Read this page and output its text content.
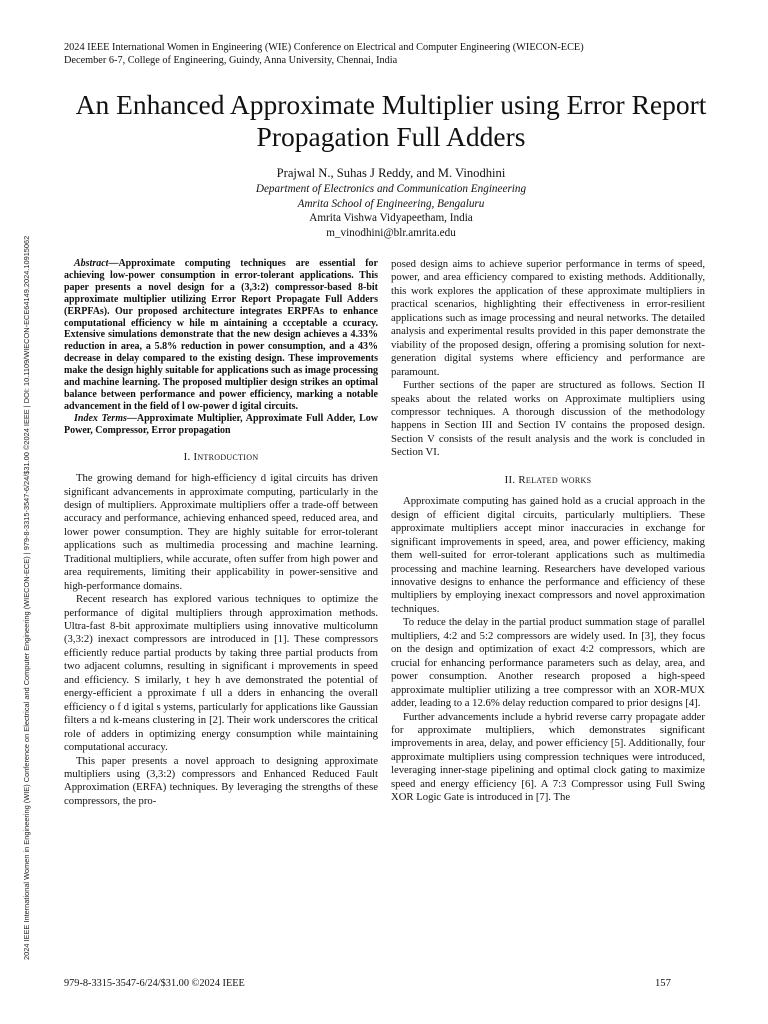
2024 IEEE International Women in Engineering (WIE) Conference on Electrical and Computer Engineering (WIECON-ECE)
December 6-7, College of Engineering, Guindy, Anna University, Chennai, India
2024 IEEE International Women in Engineering (WIE) Conference on Electrical and Computer Engineering (WIECON-ECE) | 979-8-3315-3547-6/24/$31.00 ©2024 IEEE | DOI: 10.1109/WIECON-ECE64149.2024.10915062
An Enhanced Approximate Multiplier using Error Report Propagation Full Adders
Prajwal N., Suhas J Reddy, and M. Vinodhini
Department of Electronics and Communication Engineering
Amrita School of Engineering, Bengaluru
Amrita Vishwa Vidyapeetham, India
m_vinodhini@blr.amrita.edu

Abstract—Approximate computing techniques are essential for achieving low-power consumption in error-tolerant applications. This paper presents a novel design for a (3,3:2) compressor-based 8-bit approximate multiplier utilizing Error Report Propagate Full Adders (ERPFAs). Our proposed architecture integrates ERPFAs to enhance computational efficiency w hile m aintaining a ccceptable a ccuracy. Extensive simulations demonstrate that the new design achieves a 4.33% reduction in area, a 5.8% reduction in power consumption, and a 43% decrease in delay compared to the existing design. These improvements make the design highly suitable for applications such as image processing and machine learning. The proposed multiplier design strikes an optimal balance between performance and power efficiency, marking a notable advancement in the field of l ow-power d igital circuits.

Index Terms—Approximate Multiplier, Approximate Full Adder, Low Power, Compressor, Error propagation

I. Introduction

The growing demand for high-efficiency d igital circuits has driven significant advancements in approximate computing, particularly in the design of multipliers. Approximate multipliers offer a trade-off between accuracy and performance, achieving enhanced speed, reduced area, and lower power consumption. They are highly suitable for error-tolerant applications such as multimedia processing and machine learning. Traditional multipliers, while accurate, often suffer from high power and area requirements, limiting their applicability in power-sensitive and high-performance domains.

Recent research has explored various techniques to optimize the performance of digital multipliers through approximation methods. Ultra-fast 8-bit approximate multipliers using innovative multicolumn (3,3:2) inexact compressors are introduced in [1]. These compressors efficiently reduce partial products by taking three partial products from two adjacent columns, resulting in significant i mprovements in speed and efficiency. S imilarly, t hey h ave demonstrated the potential of energy-efficient a pproximate f ull a dders in enhancing the overall efficiency o f d igital s ystems, particularly for applications like Gaussian filters a nd k-means clustering in [2]. Their work underscores the critical role of adders in optimizing energy consumption while maintaining computational accuracy.

This paper presents a novel approach to designing approximate multipliers using (3,3:2) compressors and Enhanced Reduced Fault Approximation (ERFA) techniques. By leveraging the strengths of these compressors, the pro-

posed design aims to achieve superior performance in terms of speed, power, and area efficiency compared to existing methods. Additionally, this work explores the application of these approximate multipliers in practical scenarios, highlighting their effectiveness in error-resilient applications such as image processing and neural networks. The detailed analysis and experimental results provided in this paper demonstrate the viability of the proposed design, offering a promising solution for next-generation digital systems where efficiency and performance are paramount.

Further sections of the paper are structured as follows. Section II speaks about the related works on Approximate multipliers using compressor techniques. A thorough discussion of the methodology happens in Section III and Section IV contains the proposed design. Section V consists of the result analysis and the work is concluded in Section VI.

II. Related works

Approximate computing has gained hold as a crucial approach in the design of efficient digital circuits, particularly multipliers. These approximate multipliers accept minor inaccuracies in exchange for significant improvements in speed, area, and power efficiency, making them well-suited for error-tolerant applications such as multimedia processing and machine learning. Researchers have developed various innovative designs to enhance the performance and efficiency of these multipliers by employing inexact compressors and novel approximation techniques.

To reduce the delay in the partial product summation stage of parallel multipliers, 4:2 and 5:2 compressors are widely used. In [3], they focus on the design and optimization of exact 4:2 compressors, which are crucial for enhancing performance parameters such as delay, area, and power consumption. Another research proposed a high-speed approximate multiplier utilizing a tree compressor with an XOR-MUX adder, leading to a 12.6% delay reduction compared to prior designs [4].

Further advancements include a hybrid reverse carry propagate adder for approximate multipliers, which demonstrates significant improvements in area, delay, and power efficiency [5]. Additionally, four approximate multipliers using compression techniques were introduced, leveraging inner-stage pipelining and optimal clock gating to maximize speed and energy efficiency [6]. A 7:3 Compressor using Full Swing XOR Logic Gate is introduced in [7]. The

979-8-3315-3547-6/24/$31.00 ©2024 IEEE	157
